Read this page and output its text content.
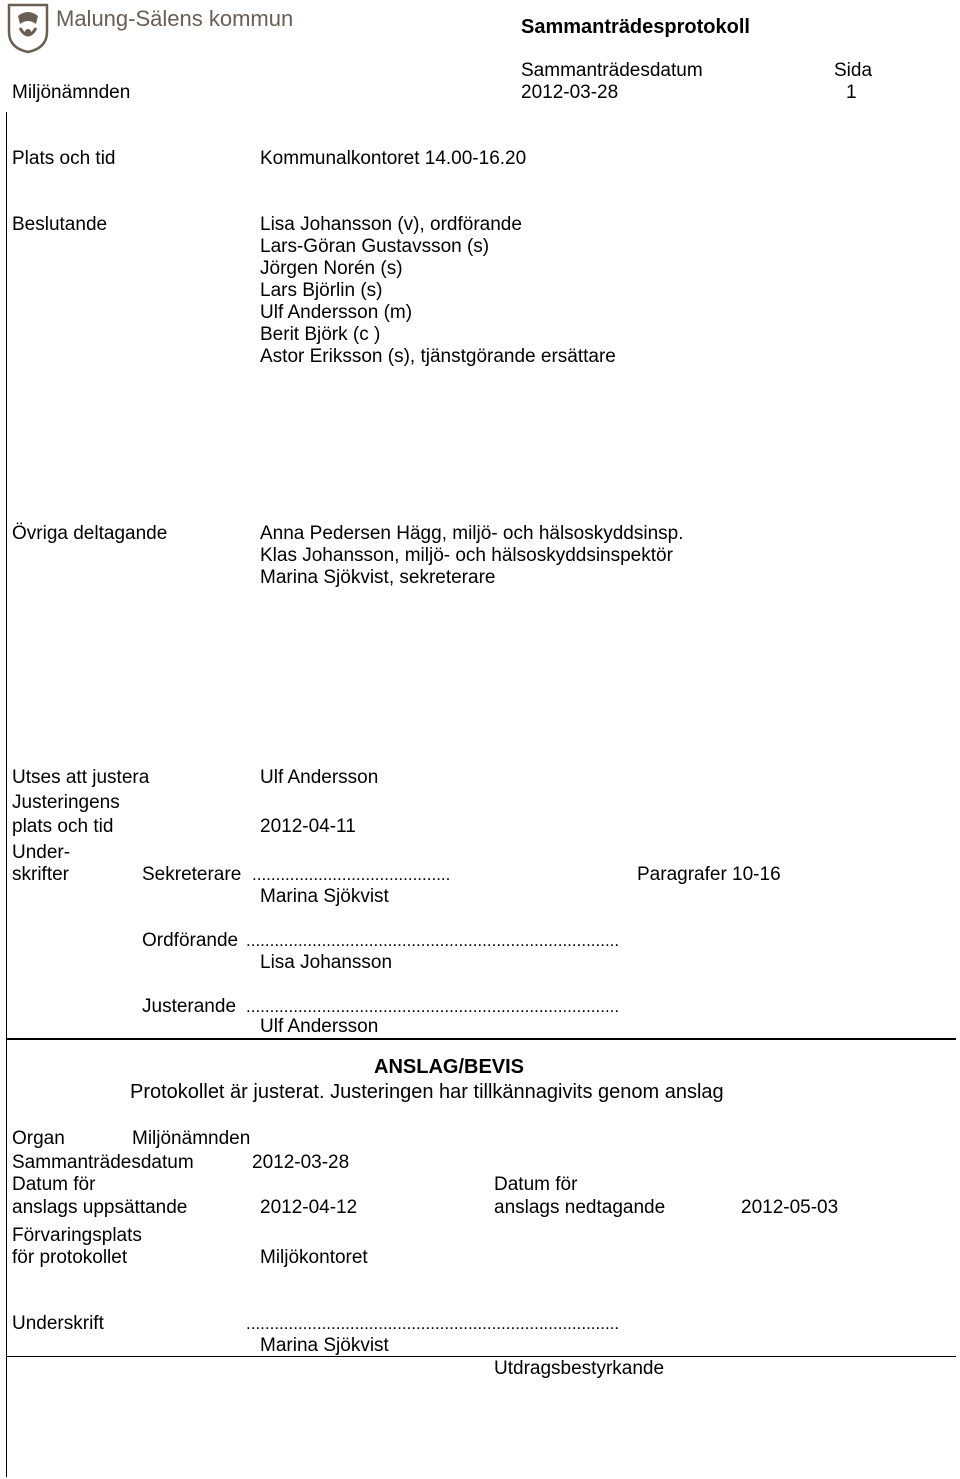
Malung-Sälens kommun	Sammanträdesprotokoll
Sammanträdesdatum	Sida
Miljönämnden	2012-03-28	1
Plats och tid	Kommunalkontoret 14.00-16.20
Beslutande	Lisa Johansson (v), ordförande
Lars-Göran Gustavsson (s)
Jörgen Norén (s)
Lars Björlin (s)
Ulf Andersson (m)
Berit Björk (c )
Astor Eriksson (s), tjänstgörande ersättare
Övriga deltagande	Anna Pedersen Hägg, miljö- och hälsoskyddsinsp.
Klas Johansson, miljö- och hälsoskyddsinspektör
Marina Sjökvist, sekreterare
Utses att justera	Ulf Andersson
Justeringens
plats och tid	2012-04-11
Under-
skrifter	Sekreterare ..........................................	Paragrafer 10-16
Marina Sjökvist
Ordförande ...............................................................................
Lisa Johansson
Justerande ...............................................................................
Ulf Andersson
ANSLAG/BEVIS
Protokollet är justerat. Justeringen har tillkännagivits genom anslag
Organ	Miljönämnden
Sammanträdesdatum	2012-03-28
Datum för
anslags uppsättande	2012-04-12
Datum för
anslags nedtagande	2012-05-03
Förvaringsplats
för protokollet	Miljökontoret
Underskrift	...............................................................................
Marina Sjökvist
Utdragsbestyrkande
